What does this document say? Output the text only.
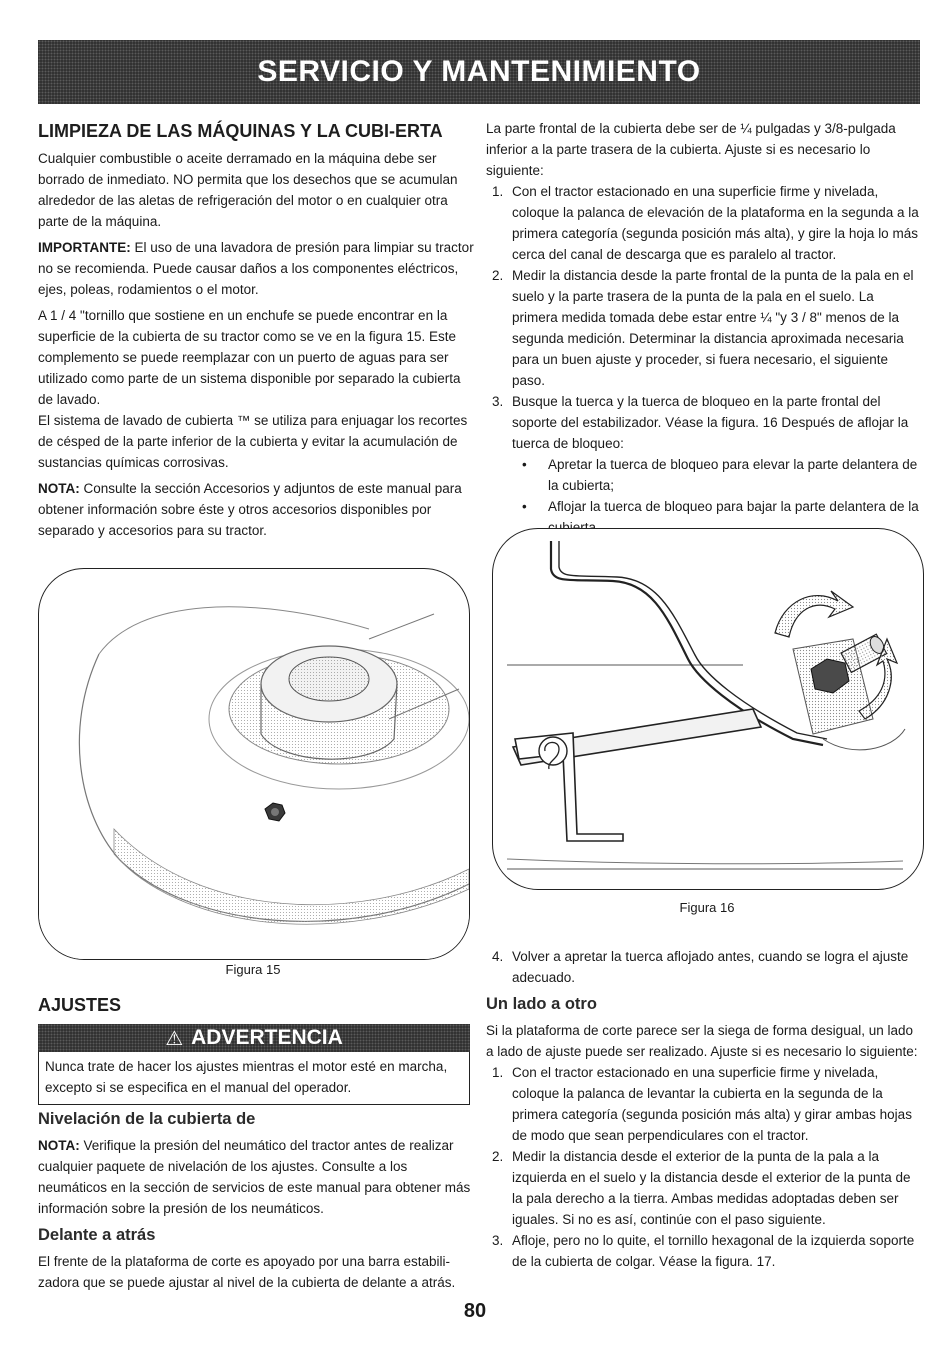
SERVICIO Y MANTENIMIENTO
LIMPIEZA DE LAS MÁQUINAS Y LA CUBI-ERTA

Cualquier combustible o aceite derramado en la máquina debe ser borrado de inmediato. NO permita que los desechos que se acumulan alrededor de las aletas de refrigeración del motor o en cualquier otra parte de la máquina.

IMPORTANTE: El uso de una lavadora de presión para limpiar su tractor no se recomienda. Puede causar daños a los componentes eléctricos, ejes, poleas, rodamientos o el motor.

A 1 / 4 "tornillo que sostiene en un enchufe se puede encontrar en la superficie de la cubierta de su tractor como se ve en la figura 15. Este complemento se puede reemplazar con un puerto de aguas para ser utilizado como parte de un sistema disponible por separado la cubierta de lavado.

El sistema de lavado de cubierta ™ se utiliza para enjuagar los recortes de césped de la parte inferior de la cubierta y evitar la acumulación de sustancias químicas corrosivas.

NOTA: Consulte la sección Accesorios y adjuntos de este manual para obtener información sobre éste y otros accesorios disponibles por separado y accesorios para su tractor.

Figura 15
AJUSTES
⚠ ADVERTENCIA

Nunca trate de hacer los ajustes mientras el motor esté en marcha, excepto si se especifica en el manual del operador.

Nivelación de la cubierta de

NOTA: Verifique la presión del neumático del tractor antes de realizar cualquier paquete de nivelación de los ajustes. Consulte a los neumáticos en la sección de servicios de este manual para obtener más información sobre la presión de los neumáticos.

Delante a atrás

El frente de la plataforma de corte es apoyado por una barra estabili-zadora que se puede ajustar al nivel de la cubierta de delante a atrás.

La parte frontal de la cubierta debe ser de ¼ pulgadas y 3/8-pulgada inferior a la parte trasera de la cubierta. Ajuste si es necesario lo siguiente:

1. Con el tractor estacionado en una superficie firme y nivelada, coloque la palanca de elevación de la plataforma en la segunda a la primera categoría (segunda posición más alta), y gire la hoja lo más cerca del canal de descarga que es paralelo al tractor.
2. Medir la distancia desde la parte frontal de la punta de la pala en el suelo y la parte trasera de la punta de la pala en el suelo. La primera medida tomada debe estar entre ¼ "y 3 / 8" menos de la segunda medición. Determinar la distancia aproximada necesaria para un buen ajuste y proceder, si fuera necesario, el siguiente paso.
3. Busque la tuerca y la tuerca de bloqueo en la parte frontal del soporte del estabilizador. Véase la figura. 16 Después de aflojar la tuerca de bloqueo:
• Apretar la tuerca de bloqueo para elevar la parte delantera de la cubierta;
• Aflojar la tuerca de bloqueo para bajar la parte delantera de la
Figura 16
4. Volver a apretar la tuerca aflojado antes, cuando se logra el ajuste adecuado.
Un lado a otro

Si la plataforma de corte parece ser la siega de forma desigual, un lado a lado de ajuste puede ser realizado. Ajuste si es necesario lo siguiente:

1. Con el tractor estacionado en una superficie firme y nivelada, coloque la palanca de levantar la cubierta en la segunda de la primera categoría (segunda posición más alta) y girar ambas hojas de modo que sean perpendiculares con el tractor.
2. Medir la distancia desde el exterior de la punta de la pala a la izquierda en el suelo y la distancia desde el exterior de la punta de la pala derecho a la tierra. Ambas medidas adoptadas deben ser iguales. Si no es así, continúe con el paso siguiente.
3. Afloje, pero no lo quite, el tornillo hexagonal de la izquierda soporte de la cubierta de colgar. Véase la figura. 17.
80
